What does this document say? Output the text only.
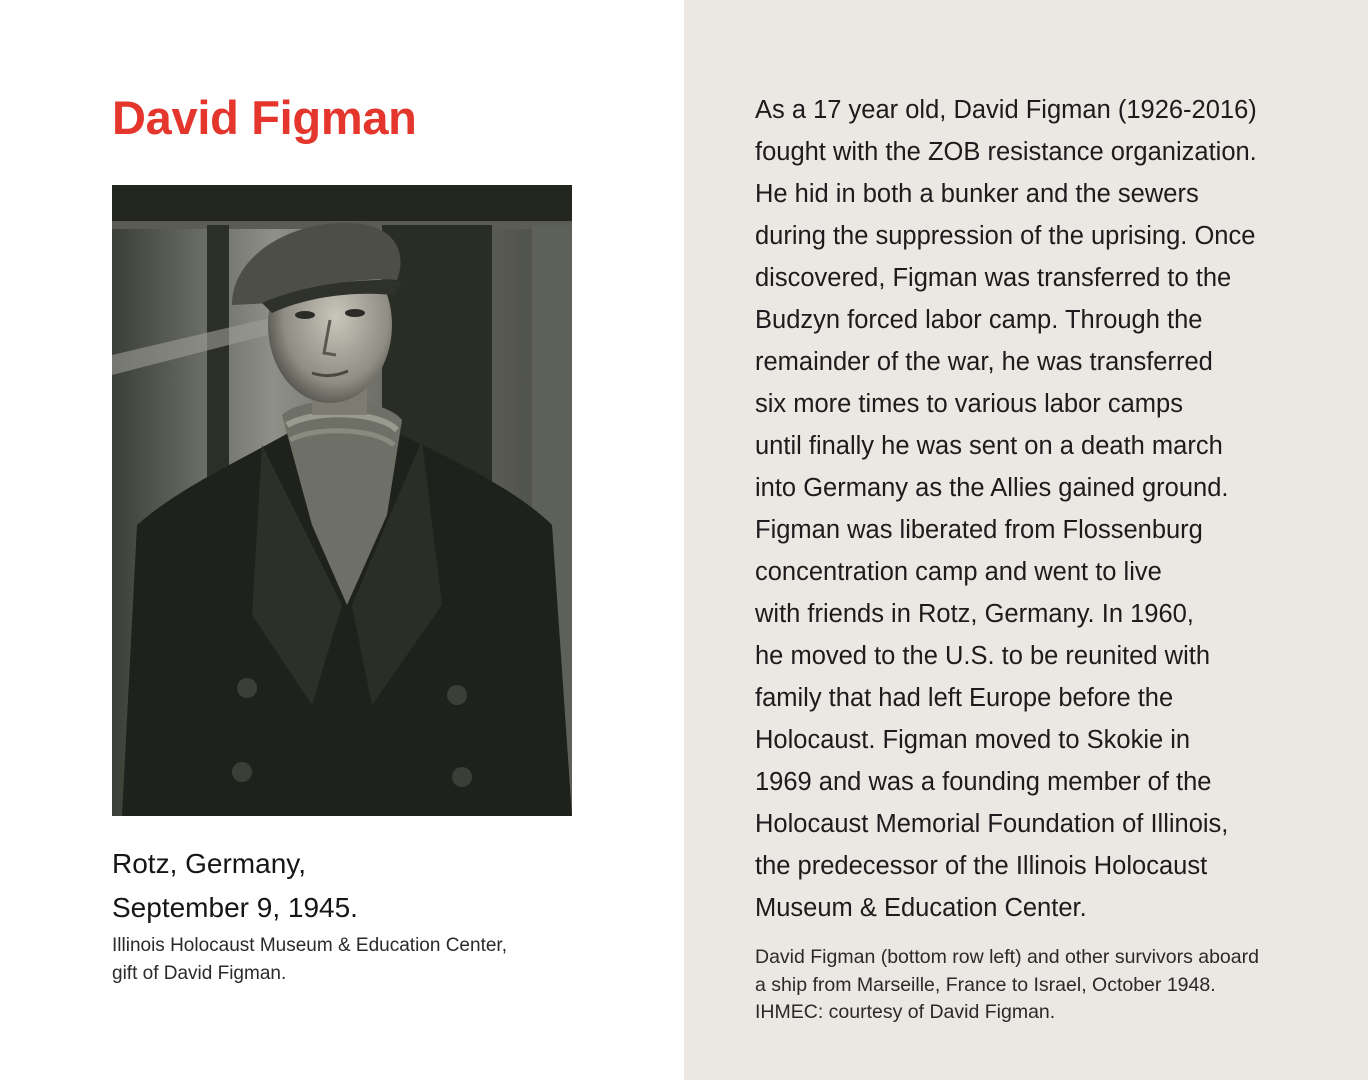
David Figman
Rotz, Germany,
September 9, 1945.
Illinois Holocaust Museum & Education Center,
gift of David Figman.
As a 17 year old, David Figman (1926-2016)
fought with the ZOB resistance organization.
He hid in both a bunker and the sewers
during the suppression of the uprising. Once
discovered, Figman was transferred to the
Budzyn forced labor camp. Through the
remainder of the war, he was transferred
six more times to various labor camps
until finally he was sent on a death march
into Germany as the Allies gained ground.
Figman was liberated from Flossenburg
concentration camp and went to live
with friends in Rotz, Germany. In 1960,
he moved to the U.S. to be reunited with
family that had left Europe before the
Holocaust. Figman moved to Skokie in
1969 and was a founding member of the
Holocaust Memorial Foundation of Illinois,
the predecessor of the Illinois Holocaust
Museum & Education Center.
David Figman (bottom row left) and other survivors aboard
a ship from Marseille, France to Israel, October 1948.
IHMEC: courtesy of David Figman.
